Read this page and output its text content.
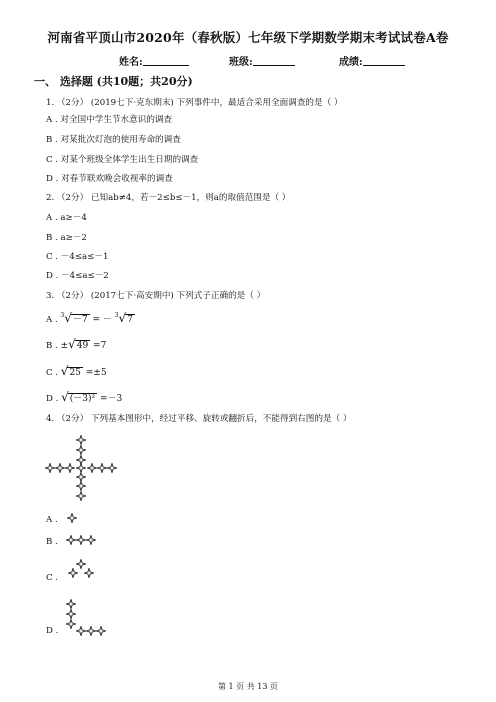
河南省平顶山市2020年（春秋版）七年级下学期数学期末考试试卷A卷
姓名:	班级:	成绩:
一、 选择题 (共10题；共20分)
1. （2分） (2019七下·克东期末) 下列事件中，最适合采用全面调查的是（ ）
A . 对全国中学生节水意识的调查
B . 对某批次灯泡的使用寿命的调查
C . 对某个班级全体学生出生日期的调查
D . 对春节联欢晚会收视率的调查
2. （2分） 已知ab≠4，若－2≤b≤－1，则a的取值范围是（ ）
A . a≥－4
B . a≥－2
C . －4≤a≤－1
D . －4≤a≤－2
3. （2分） (2017七下·高安期中) 下列式子正确的是（ ）
A . $^3$√－7 = － $^3$√7
B . ±√49 =7
C . √25 =±5
D . √(－3)² =－3
4. （2分） 下列基本图形中，经过平移、旋转或翻折后，不能得到右图的是（ ）
A .
B .
C .
D .
第 1 页 共 13 页
